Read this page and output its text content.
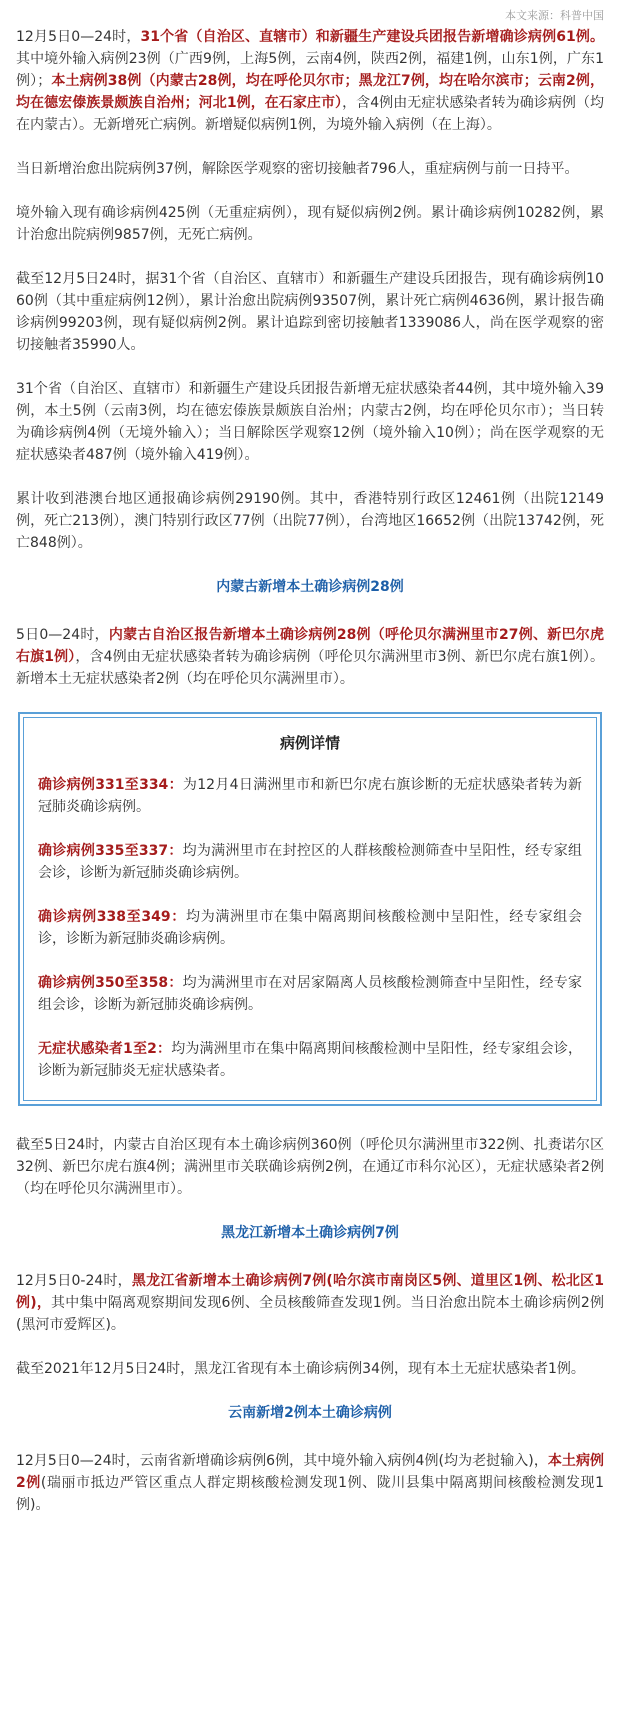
本文来源：科普中国

12月5日0—24时，31个省（自治区、直辖市）和新疆生产建设兵团报告新增确诊病例61例。其中境外输入病例23例（广西9例，上海5例，云南4例，陕西2例，福建1例，山东1例，广东1例）；本土病例38例（内蒙古28例，均在呼伦贝尔市；黑龙江7例，均在哈尔滨市；云南2例，均在德宏傣族景颇族自治州；河北1例，在石家庄市），含4例由无症状感染者转为确诊病例（均在内蒙古）。无新增死亡病例。新增疑似病例1例，为境外输入病例（在上海）。

当日新增治愈出院病例37例，解除医学观察的密切接触者796人，重症病例与前一日持平。

境外输入现有确诊病例425例（无重症病例），现有疑似病例2例。累计确诊病例10282例，累计治愈出院病例9857例，无死亡病例。

截至12月5日24时，据31个省（自治区、直辖市）和新疆生产建设兵团报告，现有确诊病例1060例（其中重症病例12例），累计治愈出院病例93507例，累计死亡病例4636例，累计报告确诊病例99203例，现有疑似病例2例。累计追踪到密切接触者1339086人，尚在医学观察的密切接触者35990人。

31个省（自治区、直辖市）和新疆生产建设兵团报告新增无症状感染者44例，其中境外输入39例，本土5例（云南3例，均在德宏傣族景颇族自治州；内蒙古2例，均在呼伦贝尔市）；当日转为确诊病例4例（无境外输入）；当日解除医学观察12例（境外输入10例）；尚在医学观察的无症状感染者487例（境外输入419例）。

累计收到港澳台地区通报确诊病例29190例。其中，香港特别行政区12461例（出院12149例，死亡213例），澳门特别行政区77例（出院77例），台湾地区16652例（出院13742例，死亡848例）。

内蒙古新增本土确诊病例28例

5日0—24时，内蒙古自治区报告新增本土确诊病例28例（呼伦贝尔满洲里市27例、新巴尔虎右旗1例），含4例由无症状感染者转为确诊病例（呼伦贝尔满洲里市3例、新巴尔虎右旗1例）。新增本土无症状感染者2例（均在呼伦贝尔满洲里市）。

病例详情

确诊病例331至334：为12月4日满洲里市和新巴尔虎右旗诊断的无症状感染者转为新冠肺炎确诊病例。

确诊病例335至337：均为满洲里市在封控区的人群核酸检测筛查中呈阳性，经专家组会诊，诊断为新冠肺炎确诊病例。

确诊病例338至349：均为满洲里市在集中隔离期间核酸检测中呈阳性，经专家组会诊，诊断为新冠肺炎确诊病例。

确诊病例350至358：均为满洲里市在对居家隔离人员核酸检测筛查中呈阳性，经专家组会诊，诊断为新冠肺炎确诊病例。

无症状感染者1至2：均为满洲里市在集中隔离期间核酸检测中呈阳性，经专家组会诊，诊断为新冠肺炎无症状感染者。

截至5日24时，内蒙古自治区现有本土确诊病例360例（呼伦贝尔满洲里市322例、扎赉诺尔区32例、新巴尔虎右旗4例；满洲里市关联确诊病例2例，在通辽市科尔沁区），无症状感染者2例（均在呼伦贝尔满洲里市）。

黑龙江新增本土确诊病例7例

12月5日0-24时，黑龙江省新增本土确诊病例7例(哈尔滨市南岗区5例、道里区1例、松北区1例)，其中集中隔离观察期间发现6例、全员核酸筛查发现1例。当日治愈出院本土确诊病例2例(黑河市爱辉区)。

截至2021年12月5日24时，黑龙江省现有本土确诊病例34例，现有本土无症状感染者1例。

云南新增2例本土确诊病例

12月5日0—24时，云南省新增确诊病例6例，其中境外输入病例4例(均为老挝输入)，本土病例2例(瑞丽市抵边严管区重点人群定期核酸检测发现1例、陇川县集中隔离期间核酸检测发现1例)。
